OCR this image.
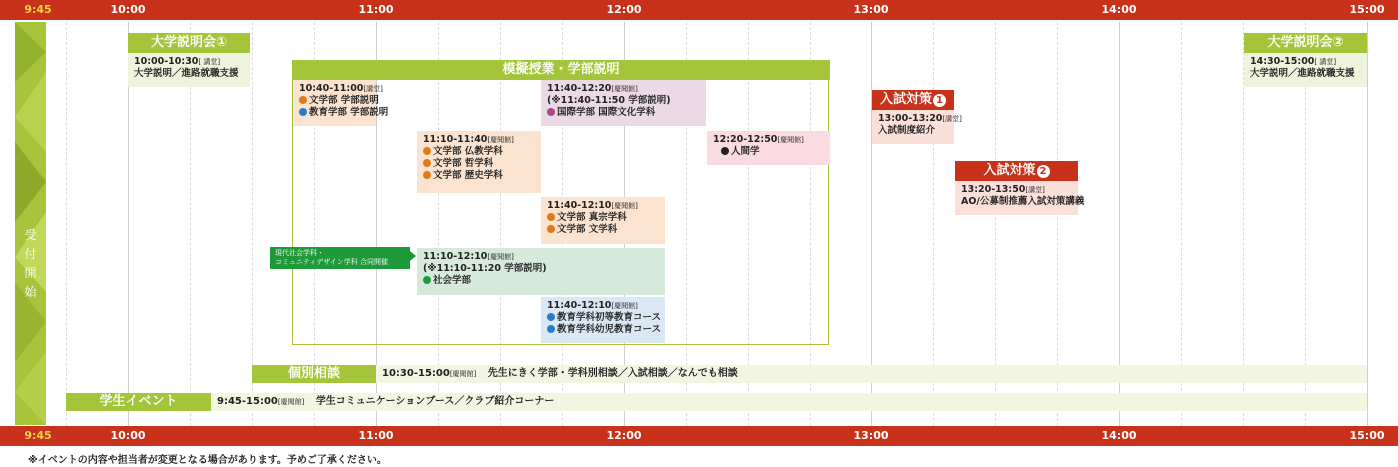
9:45	10:00	11:00	12:00	13:00	14:00	15:00
受
付
開
始
大学説明会①
10:00-10:30[ 講堂]
大学説明／進路就職支援
大学説明会②
14:30-15:00[ 講堂]
大学説明／進路就職支援
模擬授業・学部説明
10:40-11:00[講堂]
文学部 学部説明
教育学部 学部説明
11:10-11:40[慶聞館]
文学部 仏教学科
文学部 哲学科
文学部 歴史学科
11:40-12:20[慶聞館]
(※11:40-11:50 学部説明)
国際学部 国際文化学科
12:20-12:50[慶聞館]
人間学
11:40-12:10[慶聞館]
文学部 真宗学科
文学部 文学科
現代社会学科・
コミュニティデザイン学科 合同開催	11:10-12:10[慶聞館]
(※11:10-11:20 学部説明)
社会学部
11:40-12:10[慶聞館]
教育学科初等教育コース
教育学科幼児教育コース
入試対策 1
13:00-13:20[講堂]
入試制度紹介
入試対策 2
13:20-13:50[講堂]
AO/公募制推薦入試対策講義
個別相談	10:30-15:00[慶聞館] 先生にきく学部・学科別相談／入試相談／なんでも相談
学生イベント	9:45-15:00[慶聞館] 学生コミュニケーションブース／クラブ紹介コーナー
9:45	10:00	11:00	12:00	13:00	14:00	15:00
※イベントの内容や担当者が変更となる場合があります。予めご了承ください。
